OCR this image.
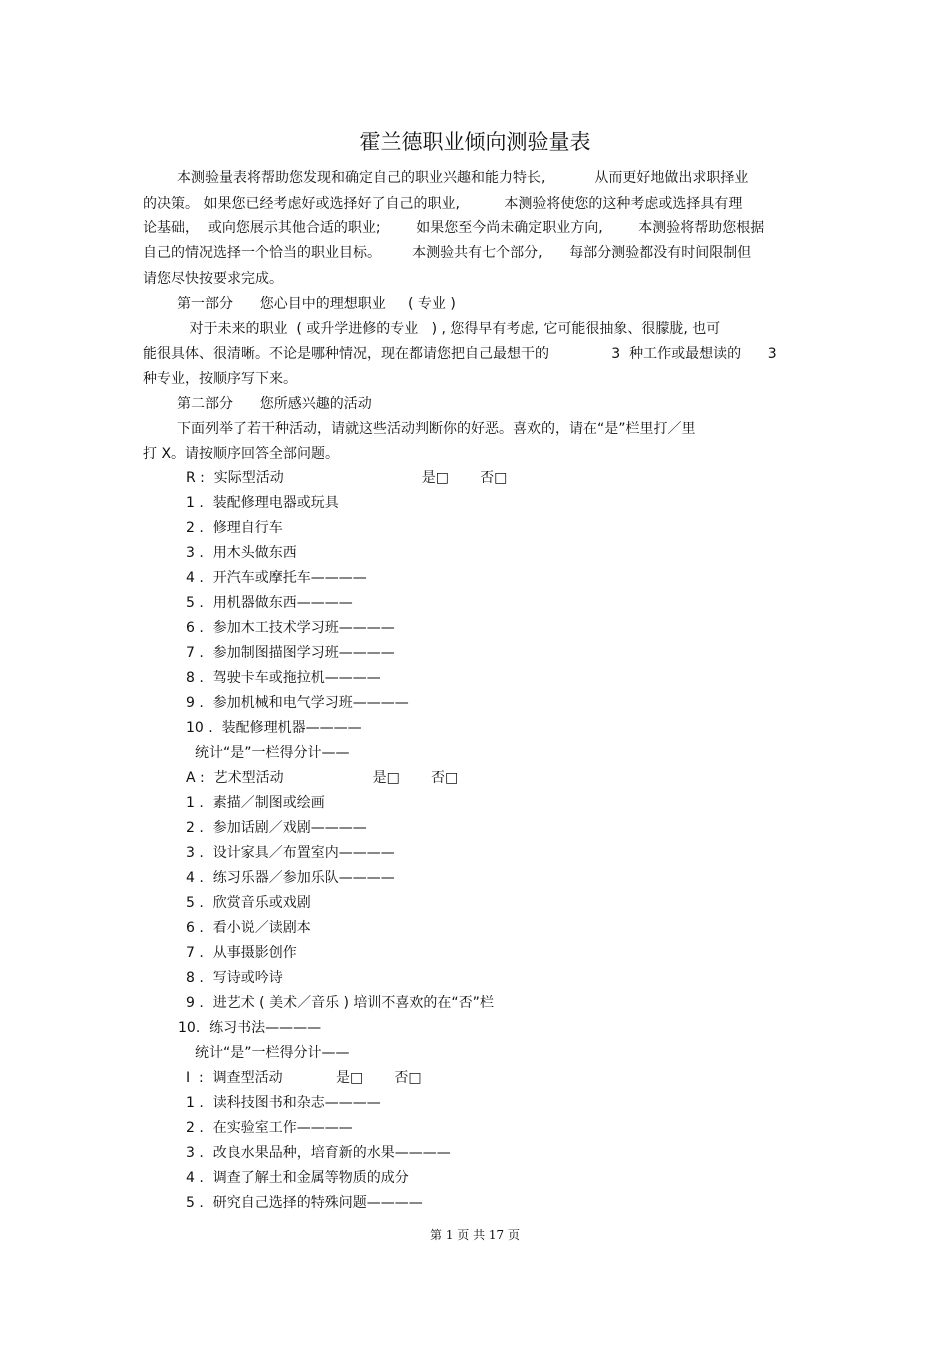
霍兰德职业倾向测验量表
本测验量表将帮助您发现和确定自己的职业兴趣和能力特长,           从而更好地做出求职择业
的决策。 如果您已经考虑好或选择好了自己的职业,          本测验将使您的这种考虑或选择具有理
论基础，  或向您展示其他合适的职业;        如果您至今尚未确定职业方向,        本测验将帮助您根据
自己的情况选择一个恰当的职业目标。       本测验共有七个部分,      每部分测验都没有时间限制但
请您尽快按要求完成。
第一部分      您心目中的理想职业     ( 专业 )
对于未来的职业  ( 或升学进修的专业   ) , 您得早有考虑, 它可能很抽象、很朦胧, 也可
能很具体、很清晰。不论是哪种情况，现在都请您把自己最想干的              3  种工作或最想读的      3
种专业，按顺序写下来。
第二部分      您所感兴趣的活动
下面列举了若干种活动，请就这些活动判断你的好恶。喜欢的，请在“是”栏里打／里
打 X。请按顺序回答全部问题。
R :  实际型活动                               是□       否□
1 .  装配修理电器或玩具
2 .  修理自行车
3 .  用木头做东西
4 .  开汽车或摩托车————
5 .  用机器做东西————
6 .  参加木工技术学习班————
7 .  参加制图描图学习班————
8 .  驾驶卡车或拖拉机————
9 .  参加机械和电气学习班————
10 .  装配修理机器————
统计“是”一栏得分计——
A :  艺术型活动                    是□       否□
1 .  素描／制图或绘画
2 .  参加话剧／戏剧————
3 .  设计家具／布置室内————
4 .  练习乐器／参加乐队————
5 .  欣赏音乐或戏剧
6 .  看小说／读剧本
7 .  从事摄影创作
8 .  写诗或吟诗
9 .  进艺术 ( 美术／音乐 ) 培训不喜欢的在“否”栏
10.  练习书法————
统计“是”一栏得分计——
I  :  调查型活动            是□       否□
1 .  读科技图书和杂志————
2 .  在实验室工作————
3 .  改良水果品种，培育新的水果————
4 .  调查了解土和金属等物质的成分
5 .  研究自己选择的特殊问题————
第 1 页 共 17 页
